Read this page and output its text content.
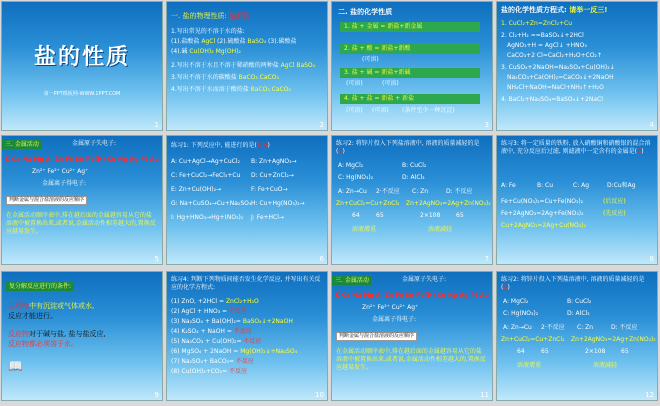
盐的性质
第一PPT模板网-WWW.1PPT.COM
1
一. 盐的物理性质: 溶解性
1.写出常见的不溶于水的盐:
(1).盐酸盐 AgCl (2).硫酸盐 BaSO₄ (3).碳酸盐
(4).碱 Cu(OH)₂ Mg(OH)₂
2.写出不溶于水且不溶于稀硝酸的两种盐 AgCl BaSO₄
3.写出不溶于水的碳酸盐 BaCO₃ CaCO₃
4.写出不溶于水而溶于酸的盐 BaCO₃ CaCO₃
2
二. 盐的化学性质
1. 盐 + 金属 = 新盐+新金属
2. 盐 + 酸 = 新盐+新酸
(可溶)
3. 盐 + 碱 = 新盐+新碱
(可溶)	(可溶)
4. 盐 + 盐 = 新盐 + 新盐
(可溶) (可溶) (条件至少一种沉淀)
3
盐的化学性质方程式: 请举一反三!
1. CuCl₂+Zn=ZnCl₂+Cu
2. Cl₂+H₂ ==BaSO₄↓+2HCl
AgNO₃+H = AgCl↓ +HNO₃
CaCO₃+2 Cl=CaCl₂+H₂O+CO₂↑
3. CuSO₄+2NaOH=Na₂SO₄+Cu(OH)₂↓
Na₂CO₃+Ca(OH)₂=CaCO₃↓+2NaOH
NH₄Cl+NaOH=NaCl+NH₃↑+H₂O
4. BaCl₂+Na₂SO₄=BaSO₄↓+2NaCl
4
三. 金属活动	金属原子失电子:
K Ca Na Mg Al Zn Fe Sn Pb(H) Cu Hg Ag Pt Au
Zn²⁺ Fe²⁺ Cu²⁺ Ag⁺
金属离子得电子:
判断金属与混合盐溶液的反应顺序
在金属活动顺序表中,排在越后面的金属越容易从它的盐溶液中被置换出来,或者说,金属活动性相差越大的,置换反应越易发生。
5
练习1: 下列反应中, 能进行的是(B H)
A: Cu+AgCl→Ag+CuCl₂ B: Zn+AgNO₃→
C: Fe+CuCl₂→FeCl₃+Cu D: Cu+ZnCl₂→
E: Zn+Cu(OH)₂→	F: Fe+CuO→
G: Na+CuSO₄→Cu+Na₂SO₄ H: Cu+Hg(NO₃)₂→
I: Hg+HNO₃→Hg+(NO₃)₂ J: Fe+HCl→
6
练习2: 将锌片投入下列盐溶液中, 溶液的质量减轻的是(C)
A: MgCl₂	B: CuCl₂
C: Hg(NO₃)₂	D: AlCl₃
A: Zn→Cu 2·不反应 C: Zn	D: 不反应
Zn+CuCl₂=Cu+ZnCl₂ Zn+2AgNO₃=2Ag+Zn(NO₃)₂
64	65	2×108	65
溶液增重	溶液减轻
7
练习3: 将一定质量的铁粉, 放入硝酸铜和硝酸银的混合溶液中, 充分反应后过滤, 则滤液中一定含有的金属是(C)
A: Fe	B: Cu	C: Ag	D:Cu和Ag
Fe+Cu(NO₃)₂=Cu+Fe(NO₃)₂	(后反应)
Fe+2AgNO₃=2Ag+Fe(NO₃)₂	(先反应)
Cu+2AgNO₃=2Ag+Cu(NO₃)₂
8
复分解反应进行的条件:
生成物中有沉淀或气体或水,
反应才能进行。
反应物对于碱与盐, 盐与盐反应,
反应物都必须溶于水。
📖
9
练习4: 判断下列物质间能否发生化学反应, 并写出有关反应的化学方程式:
(1) ZnO, +2HCl = ZnCl₂+H₂O
(2) AgCl + HNO₃ = 不反应
(3) Na₂SO₄ + Ba(OH)₂= BaSO₄↓+2NaOH
(4) K₂SO₄ + NaOH = 不反应
(5) Na₂CO₃ + Cu(OH)₂= 不反应
(6) MgSO₄ + 2NaOH = Mg(OH)₂↓+Na₂SO₄
(7) Na₂SO₄+ BaCO₃= 不反应
(8) Cu(OH)₂+CO₂= 不反应
10
三. 金属活动	金属原子失电子:
K Ca Na Mg Al Zn Fe Sn Pb(H) Cu Hg Ag Pt Au
Zn²⁺ Fe²⁺ Cu²⁺ Ag⁺
金属离子得电子:
判断金属与混合盐溶液的反应顺序
在金属活动顺序表中,排在越后面的金属越容易从它的盐溶液中被置换出来,或者说,金属活动性相差越大的,置换反应越易发生。
11
练习2: 将锌片投入下列盐溶液中, 溶液的质量减轻的是(C)
A: MgCl₂	B: CuCl₂
C: Hg(NO₃)₂	D: AlCl₃
A: Zn→Cu 2·不反应 C: Zn	D: 不反应
Zn+CuCl₂=Cu+ZnCl₂ Zn+2AgNO₃=2Ag+Zn(NO₃)₂
64	65	2×108	65
溶液增重	溶液减轻
12
